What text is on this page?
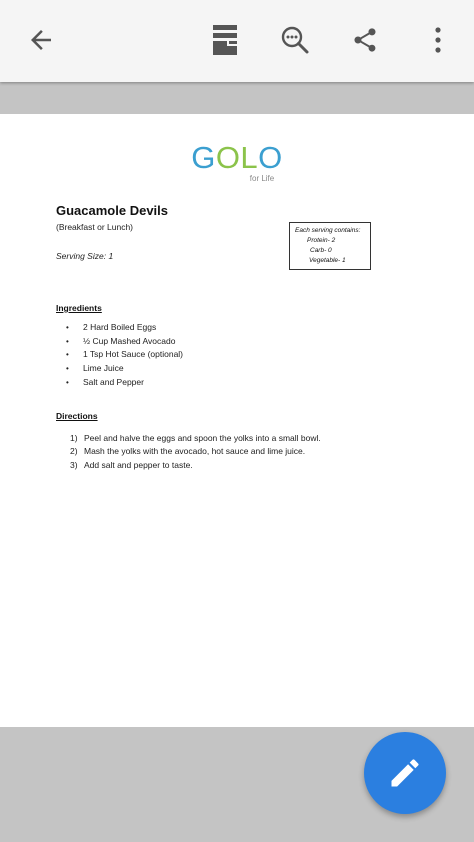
GOLO
for Life
Guacamole Devils
(Breakfast or Lunch)
Serving Size: 1
Each serving contains:
Protein- 2
Carb- 0
Vegetable- 1
Ingredients
• 2 Hard Boiled Eggs
• ½ Cup Mashed Avocado
• 1 Tsp Hot Sauce (optional)
• Lime Juice
• Salt and Pepper
Directions
1) Peel and halve the eggs and spoon the yolks into a small bowl.
2) Mash the yolks with the avocado, hot sauce and lime juice.
3) Add salt and pepper to taste.
